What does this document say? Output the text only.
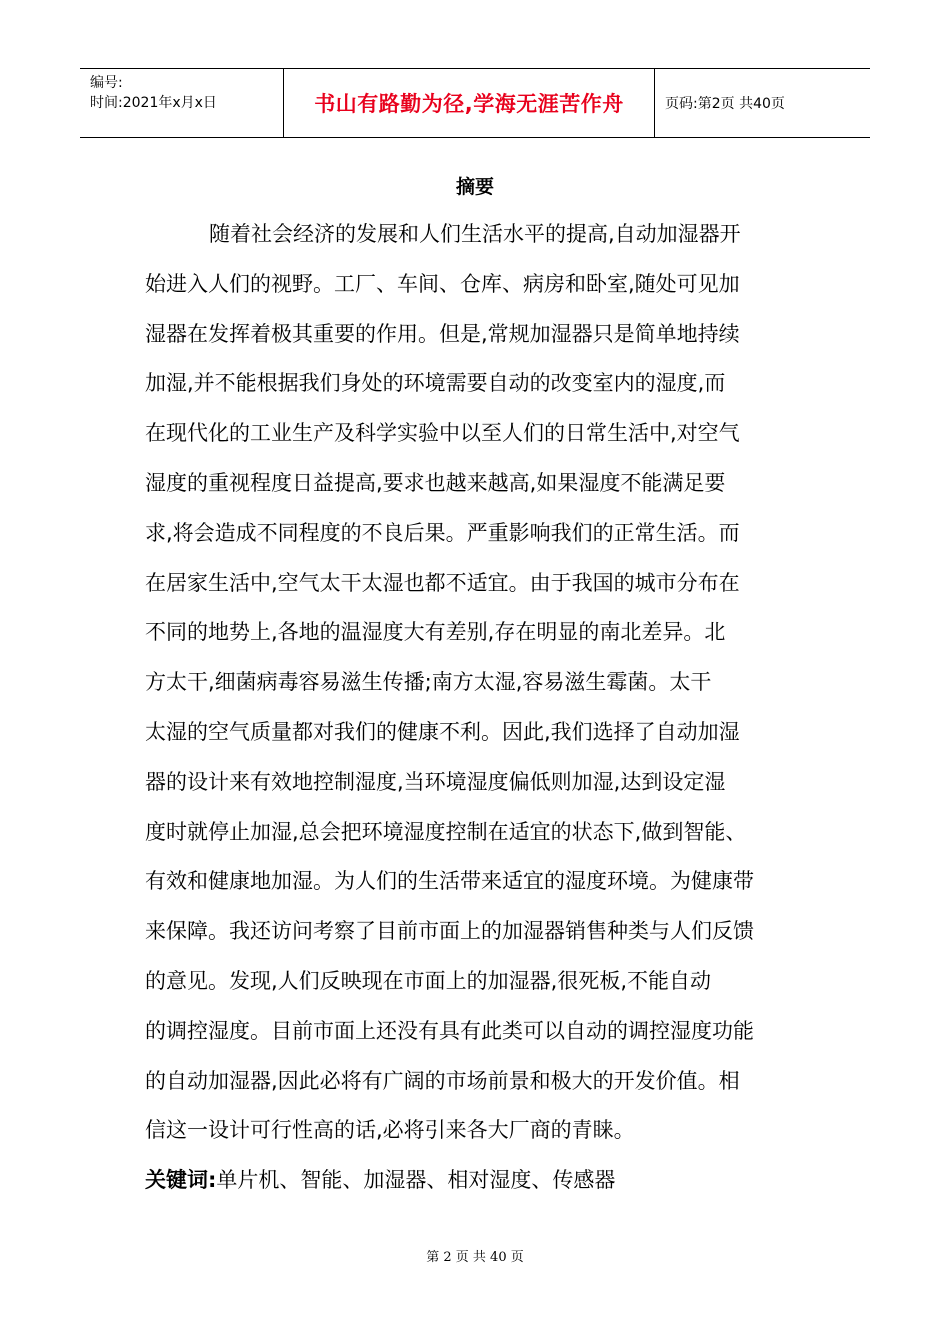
编号:
时间:2021年x月x日	书山有路勤为径,学海无涯苦作舟	页码:第2页 共40页
摘要
随着社会经济的发展和人们生活水平的提高,自动加湿器开
始进入人们的视野。工厂、车间、仓库、病房和卧室,随处可见加
湿器在发挥着极其重要的作用。但是,常规加湿器只是简单地持续
加湿,并不能根据我们身处的环境需要自动的改变室内的湿度,而
在现代化的工业生产及科学实验中以至人们的日常生活中,对空气
湿度的重视程度日益提高,要求也越来越高,如果湿度不能满足要
求,将会造成不同程度的不良后果。严重影响我们的正常生活。而
在居家生活中,空气太干太湿也都不适宜。由于我国的城市分布在
不同的地势上,各地的温湿度大有差别,存在明显的南北差异。北
方太干,细菌病毒容易滋生传播;南方太湿,容易滋生霉菌。太干
太湿的空气质量都对我们的健康不利。因此,我们选择了自动加湿
器的设计来有效地控制湿度,当环境湿度偏低则加湿,达到设定湿
度时就停止加湿,总会把环境湿度控制在适宜的状态下,做到智能、
有效和健康地加湿。为人们的生活带来适宜的湿度环境。为健康带
来保障。我还访问考察了目前市面上的加湿器销售种类与人们反馈
的意见。发现,人们反映现在市面上的加湿器,很死板,不能自动
的调控湿度。目前市面上还没有具有此类可以自动的调控湿度功能
的自动加湿器,因此必将有广阔的市场前景和极大的开发价值。相
信这一设计可行性高的话,必将引来各大厂商的青睐。
关键词:单片机、智能、加湿器、相对湿度、传感器
第 2 页 共 40 页
